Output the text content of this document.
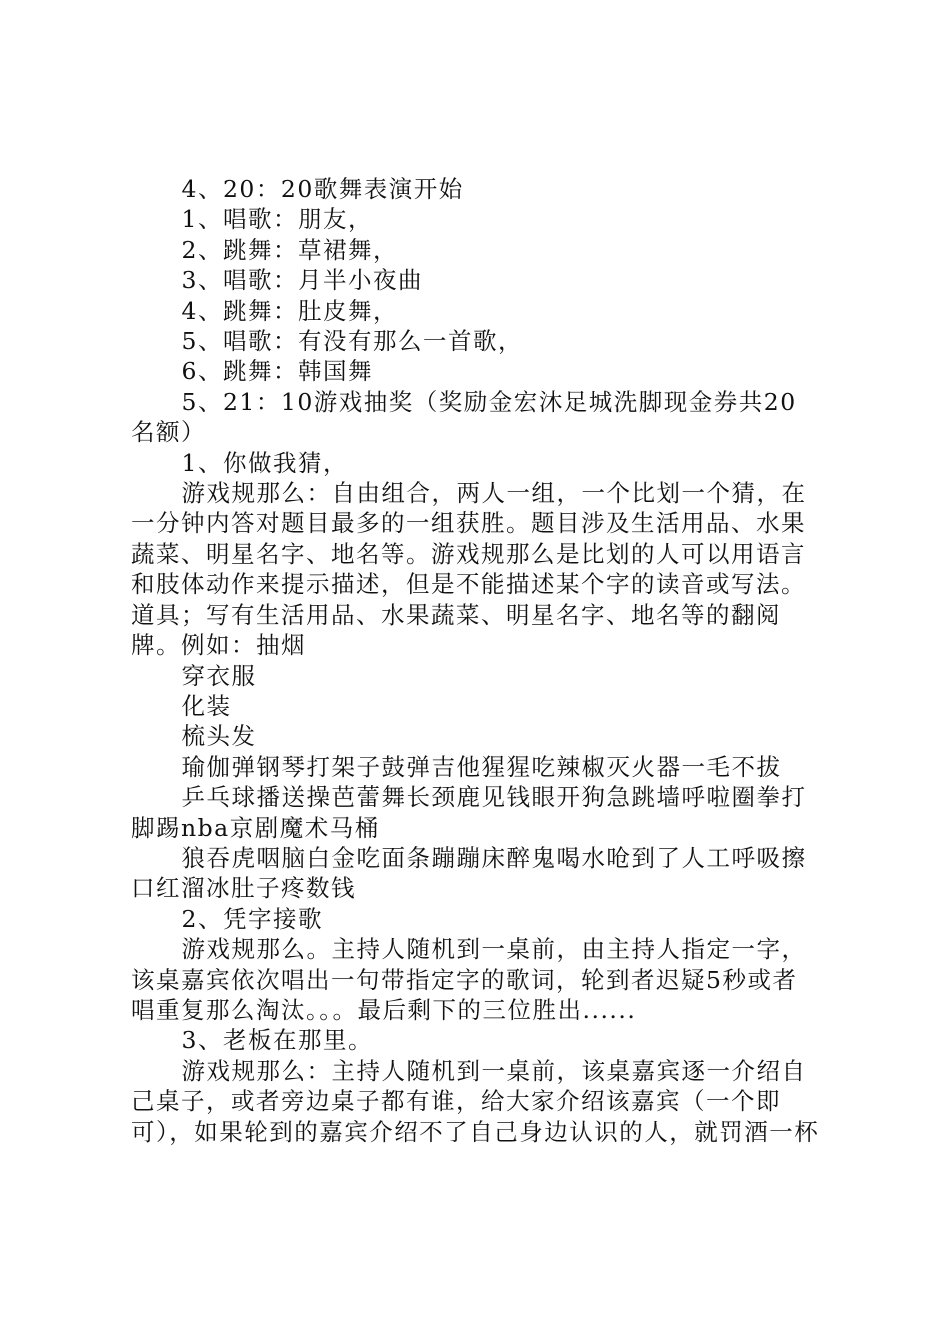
4、20：20歌舞表演开始

1、唱歌：朋友，

2、跳舞：草裙舞，

3、唱歌：月半小夜曲

4、跳舞：肚皮舞，

5、唱歌：有没有那么一首歌，

6、跳舞：韩国舞

5、21：10游戏抽奖（奖励金宏沐足城洗脚现金券共20名额）

1、你做我猜，

游戏规那么：自由组合，两人一组，一个比划一个猜，在一分钟内答对题目最多的一组获胜。题目涉及生活用品、水果蔬菜、明星名字、地名等。游戏规那么是比划的人可以用语言和肢体动作来提示描述，但是不能描述某个字的读音或写法。道具；写有生活用品、水果蔬菜、明星名字、地名等的翻阅牌。例如：抽烟

穿衣服

化装

梳头发

瑜伽弹钢琴打架子鼓弹吉他猩猩吃辣椒灭火器一毛不拔

乒乓球播送操芭蕾舞长颈鹿见钱眼开狗急跳墙呼啦圈拳打脚踢nba京剧魔术马桶

狼吞虎咽脑白金吃面条蹦蹦床醉鬼喝水呛到了人工呼吸擦口红溜冰肚子疼数钱

2、凭字接歌

游戏规那么。主持人随机到一桌前，由主持人指定一字，该桌嘉宾依次唱出一句带指定字的歌词，轮到者迟疑5秒或者唱重复那么淘汰。。。最后剩下的三位胜出......

3、老板在那里。

游戏规那么：主持人随机到一桌前，该桌嘉宾逐一介绍自己桌子，或者旁边桌子都有谁，给大家介绍该嘉宾（一个即可），如果轮到的嘉宾介绍不了自己身边认识的人，就罚酒一杯
